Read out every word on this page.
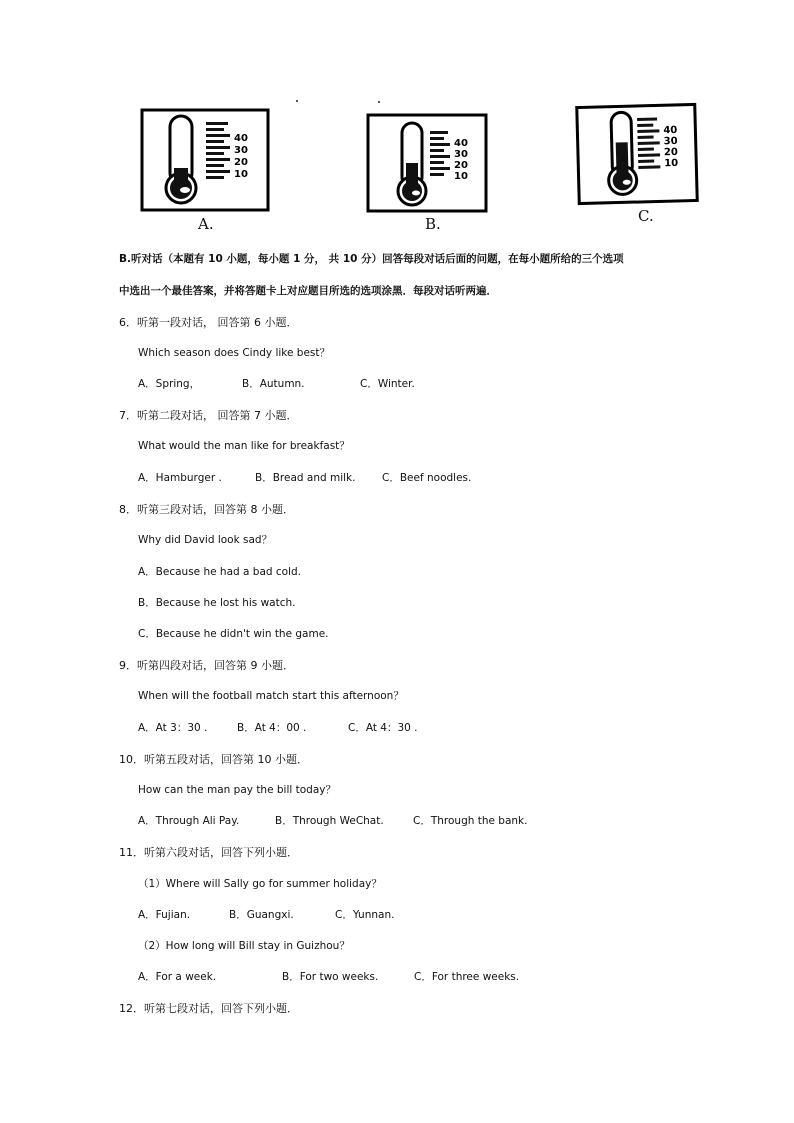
40
30
20
10
A.
40
30
20
10
B.
40
30
20
10
C.
B.听对话（本题有 10 小题，每小题 1 分， 共 10 分）回答每段对话后面的问题，在每小题所给的三个选项
中选出一个最佳答案，并将答题卡上对应题目所选的选项涂黑．每段对话听两遍．
6．听第一段对话， 回答第 6 小题．
Which season does Cindy like best？
A．Spring，	B．Autumn.	C．Winter.
7．听第二段对话， 回答第 7 小题．
What would the man like for breakfast？
A．Hamburger .	B．Bread and milk.	C．Beef noodles.
8．听第三段对话，回答第 8 小题．
Why did David look sad？
A．Because he had a bad cold.
B．Because he lost his watch.
C．Because he didn't win the game.
9．听第四段对话，回答第 9 小题．
When will the football match start this afternoon？
A．At 3：30 .	B．At 4：00 .	C．At 4：30 .
10．听第五段对话，回答第 10 小题．
How can the man pay the bill today？
A．Through Ali Pay.	B．Through WeChat.	C．Through the bank.
11．听第六段对话，回答下列小题．
（1）Where will Sally go for summer holiday？
A．Fujian.	B．Guangxi.	C．Yunnan.
（2）How long will Bill stay in Guizhou？
A．For a week.	B．For two weeks.	C．For three weeks.
12．听第七段对话，回答下列小题．
